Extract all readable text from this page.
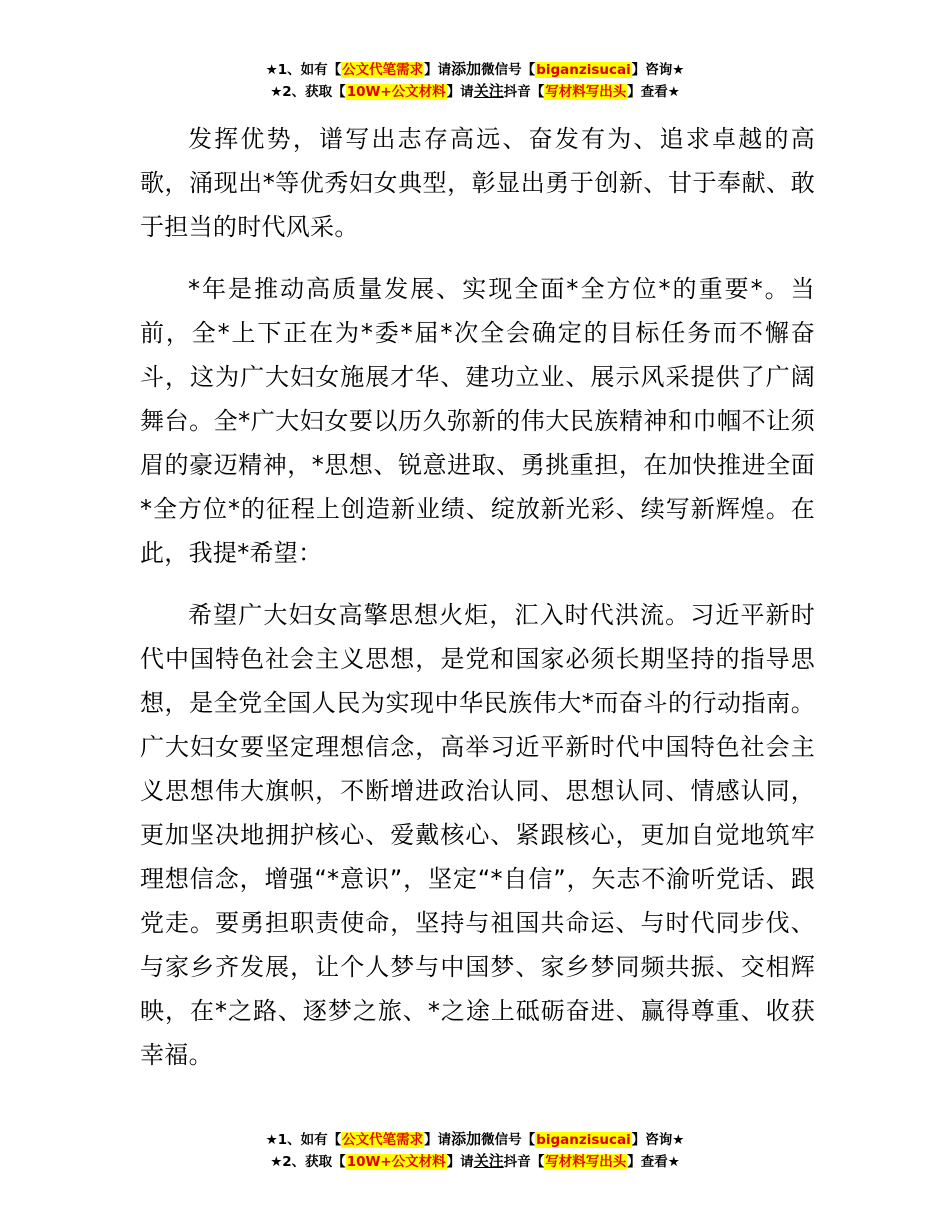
★1、如有【公文代笔需求】请添加微信号【biganzisucai】咨询★
★2、获取【10W+公文材料】请关注抖音【写材料写出头】查看★

发挥优势，谱写出志存高远、奋发有为、追求卓越的高歌，涌现出*等优秀妇女典型，彰显出勇于创新、甘于奉献、敢于担当的时代风采。

*年是推动高质量发展、实现全面*全方位*的重要*。当前，全*上下正在为*委*届*次全会确定的目标任务而不懈奋斗，这为广大妇女施展才华、建功立业、展示风采提供了广阔舞台。全*广大妇女要以历久弥新的伟大民族精神和巾帼不让须眉的豪迈精神，*思想、锐意进取、勇挑重担，在加快推进全面*全方位*的征程上创造新业绩、绽放新光彩、续写新辉煌。在此，我提*希望：

希望广大妇女高擎思想火炬，汇入时代洪流。习近平新时代中国特色社会主义思想，是党和国家必须长期坚持的指导思想，是全党全国人民为实现中华民族伟大*而奋斗的行动指南。广大妇女要坚定理想信念，高举习近平新时代中国特色社会主义思想伟大旗帜，不断增进政治认同、思想认同、情感认同，更加坚决地拥护核心、爱戴核心、紧跟核心，更加自觉地筑牢理想信念，增强“*意识”，坚定“*自信”，矢志不渝听党话、跟党走。要勇担职责使命，坚持与祖国共命运、与时代同步伐、与家乡齐发展，让个人梦与中国梦、家乡梦同频共振、交相辉映，在*之路、逐梦之旅、*之途上砥砺奋进、赢得尊重、收获幸福。

★1、如有【公文代笔需求】请添加微信号【biganzisucai】咨询★
★2、获取【10W+公文材料】请关注抖音【写材料写出头】查看★
